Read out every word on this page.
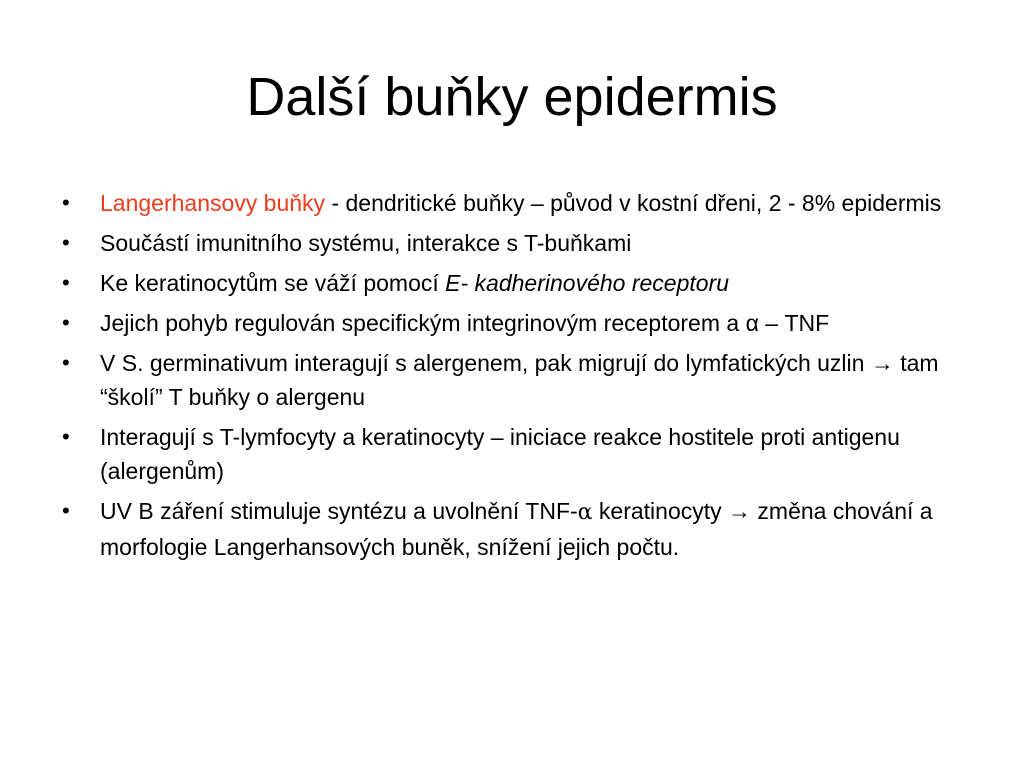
Další buňky epidermis
• Langerhansovy buňky - dendritické buňky – původ v kostní dřeni, 2 - 8% epidermis
• Součástí imunitního systému, interakce s T-buňkami
• Ke keratinocytům se váží pomocí E- kadherinového receptoru
• Jejich pohyb regulován specifickým integrinovým receptorem a α – TNF
• V S. germinativum interagují s alergenem, pak migrují do lymfatických uzlin → tam “školí” T buňky o alergenu
• Interagují s T-lymfocyty a keratinocyty – iniciace reakce hostitele proti antigenu (alergenům)
• UV B záření stimuluje syntézu a uvolnění TNF-α keratinocyty → změna chování a morfologie Langerhansových buněk, snížení jejich počtu.
